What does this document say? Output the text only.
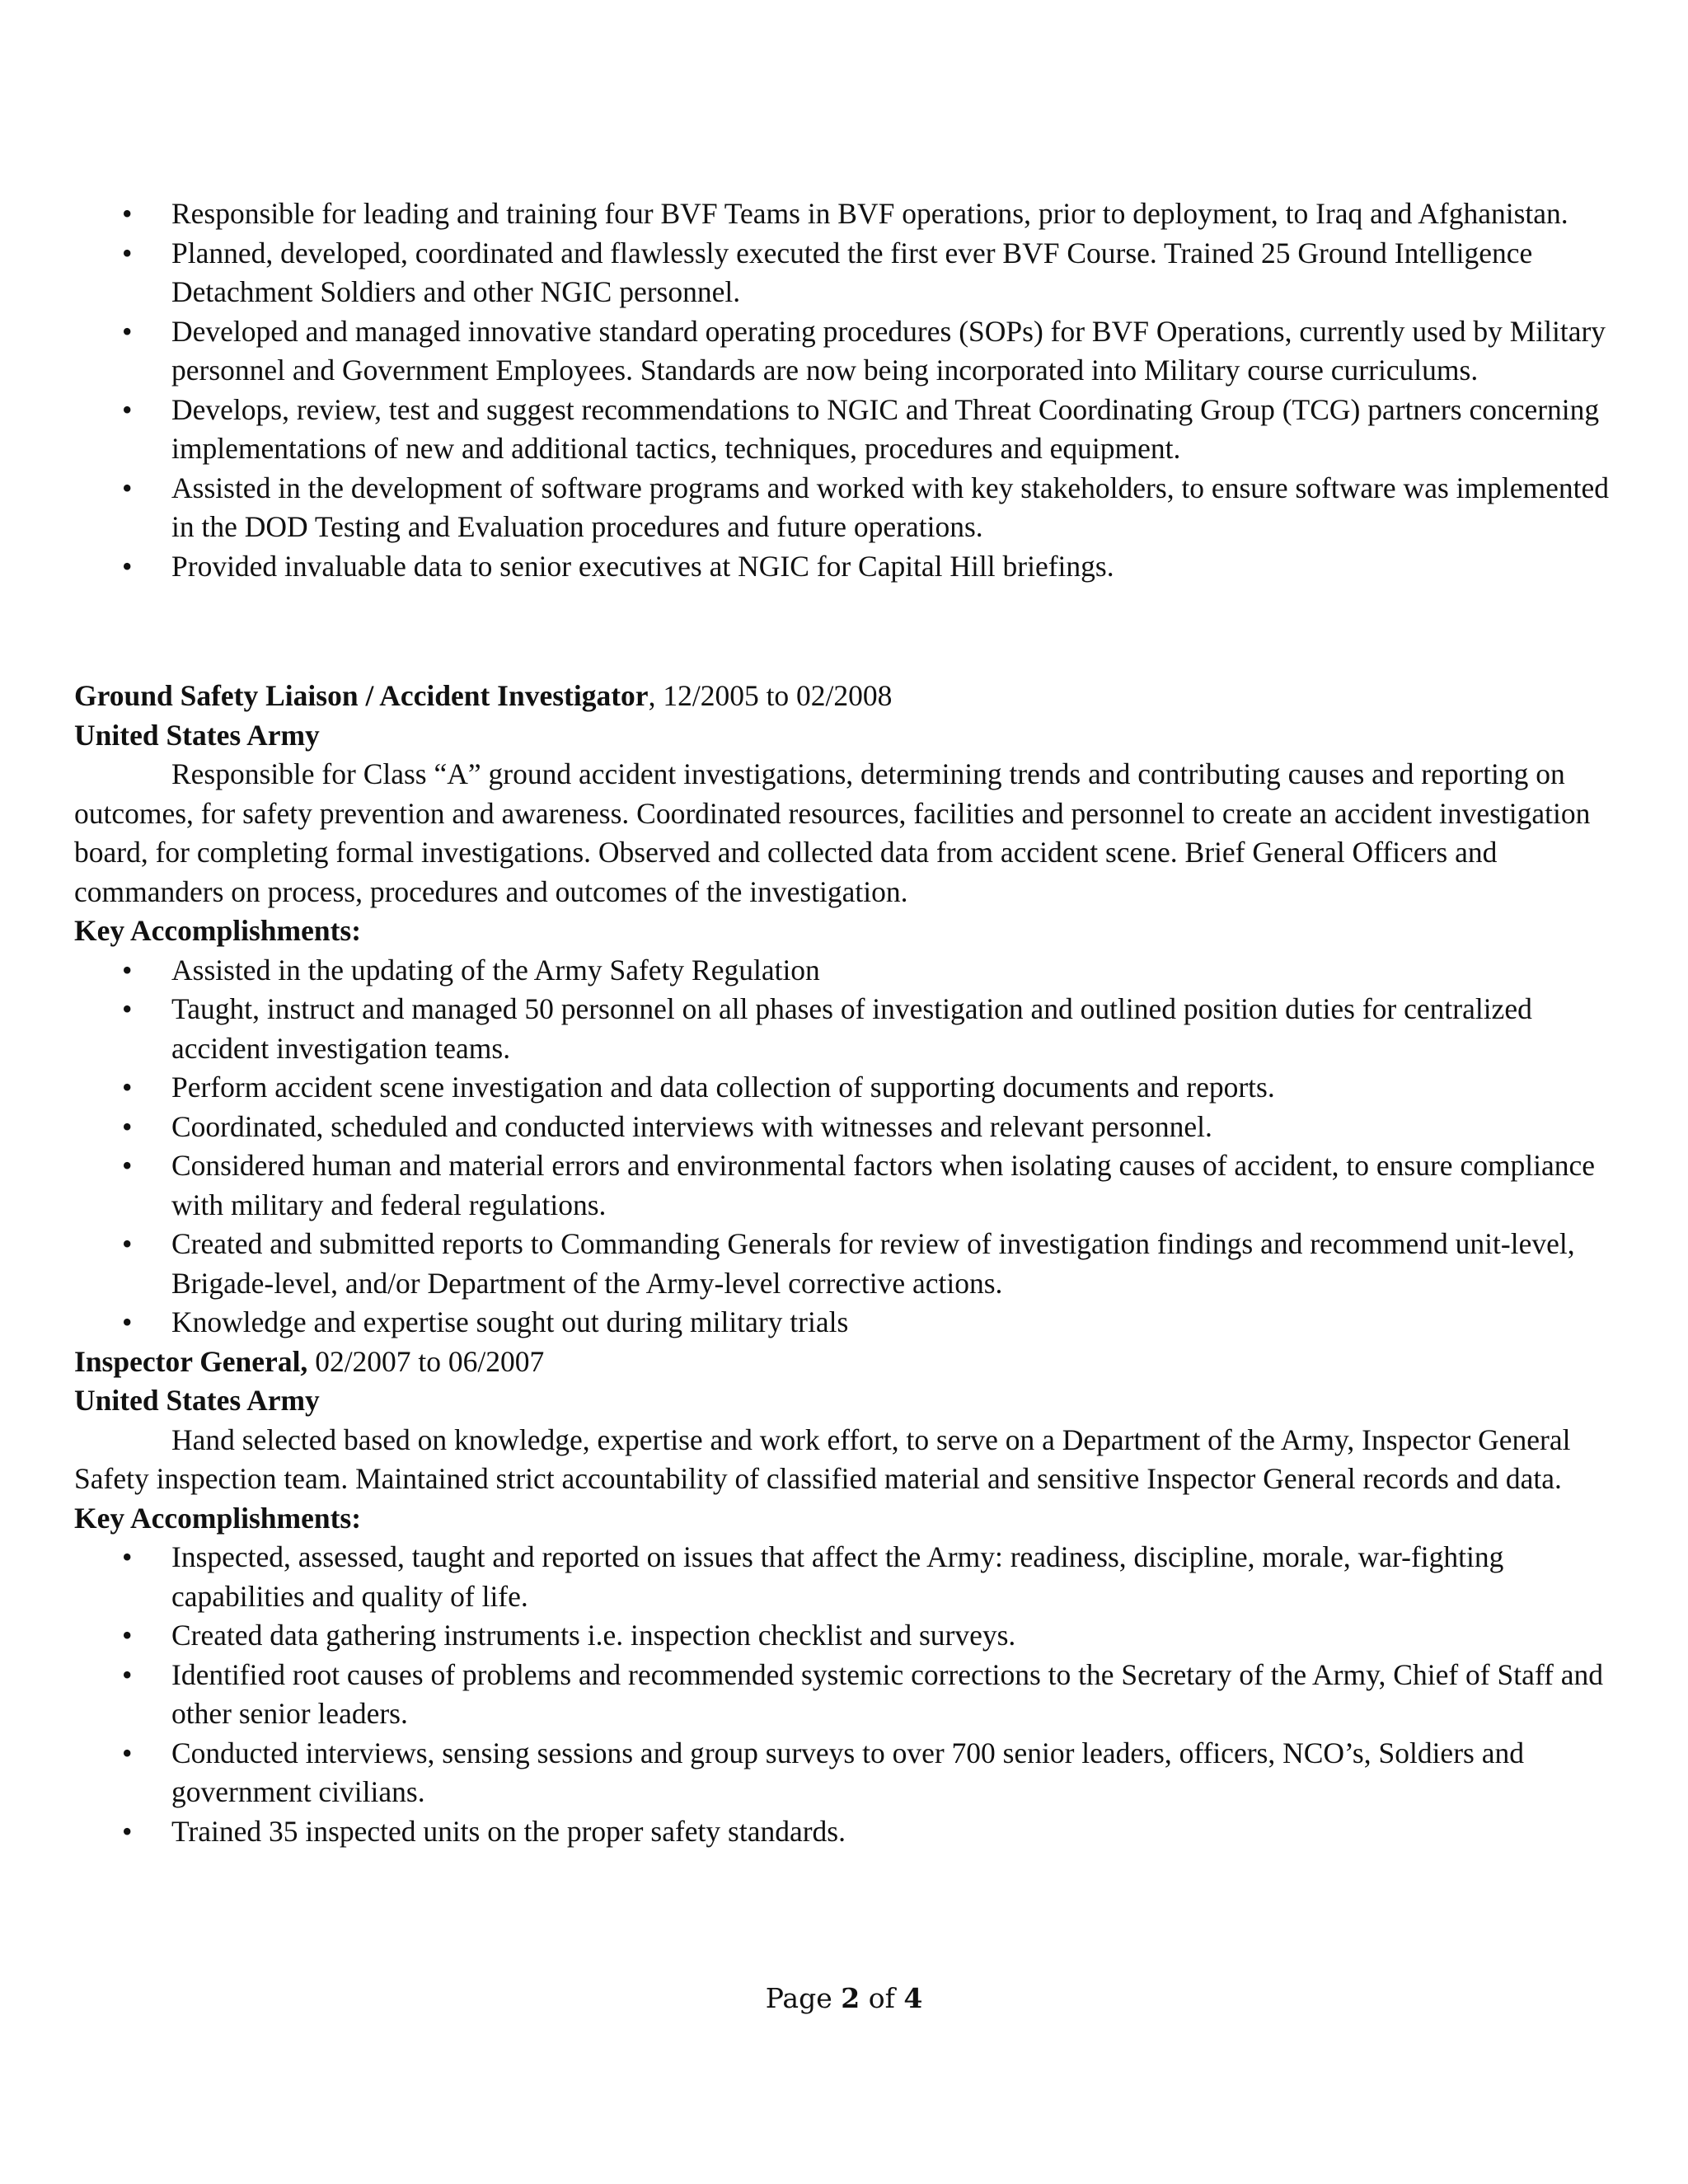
• Responsible for leading and training four BVF Teams in BVF operations, prior to deployment, to Iraq and Afghanistan.
• Planned, developed, coordinated and flawlessly executed the first ever BVF Course. Trained 25 Ground Intelligence Detachment Soldiers and other NGIC personnel.
• Developed and managed innovative standard operating procedures (SOPs) for BVF Operations, currently used by Military personnel and Government Employees. Standards are now being incorporated into Military course curriculums.
• Develops, review, test and suggest recommendations to NGIC and Threat Coordinating Group (TCG) partners concerning implementations of new and additional tactics, techniques, procedures and equipment.
• Assisted in the development of software programs and worked with key stakeholders, to ensure software was implemented in the DOD Testing and Evaluation procedures and future operations.
• Provided invaluable data to senior executives at NGIC for Capital Hill briefings.

Ground Safety Liaison / Accident Investigator, 12/2005 to 02/2008

United States Army

Responsible for Class “A” ground accident investigations, determining trends and contributing causes and reporting on outcomes, for safety prevention and awareness. Coordinated resources, facilities and personnel to create an accident investigation board, for completing formal investigations. Observed and collected data from accident scene. Brief General Officers and commanders on process, procedures and outcomes of the investigation.

Key Accomplishments:

• Assisted in the updating of the Army Safety Regulation
• Taught, instruct and managed 50 personnel on all phases of investigation and outlined position duties for centralized accident investigation teams.
• Perform accident scene investigation and data collection of supporting documents and reports.
• Coordinated, scheduled and conducted interviews with witnesses and relevant personnel.
• Considered human and material errors and environmental factors when isolating causes of accident, to ensure compliance with military and federal regulations.
• Created and submitted reports to Commanding Generals for review of investigation findings and recommend unit-level, Brigade-level, and/or Department of the Army-level corrective actions.
• Knowledge and expertise sought out during military trials

Inspector General, 02/2007 to 06/2007

United States Army

Hand selected based on knowledge, expertise and work effort, to serve on a Department of the Army, Inspector General Safety inspection team. Maintained strict accountability of classified material and sensitive Inspector General records and data.

Key Accomplishments:

• Inspected, assessed, taught and reported on issues that affect the Army: readiness, discipline, morale, war-fighting capabilities and quality of life.
• Created data gathering instruments i.e. inspection checklist and surveys.
• Identified root causes of problems and recommended systemic corrections to the Secretary of the Army, Chief of Staff and other senior leaders.
• Conducted interviews, sensing sessions and group surveys to over 700 senior leaders, officers, NCO’s, Soldiers and government civilians.
• Trained 35 inspected units on the proper safety standards.
Page 2 of 4
